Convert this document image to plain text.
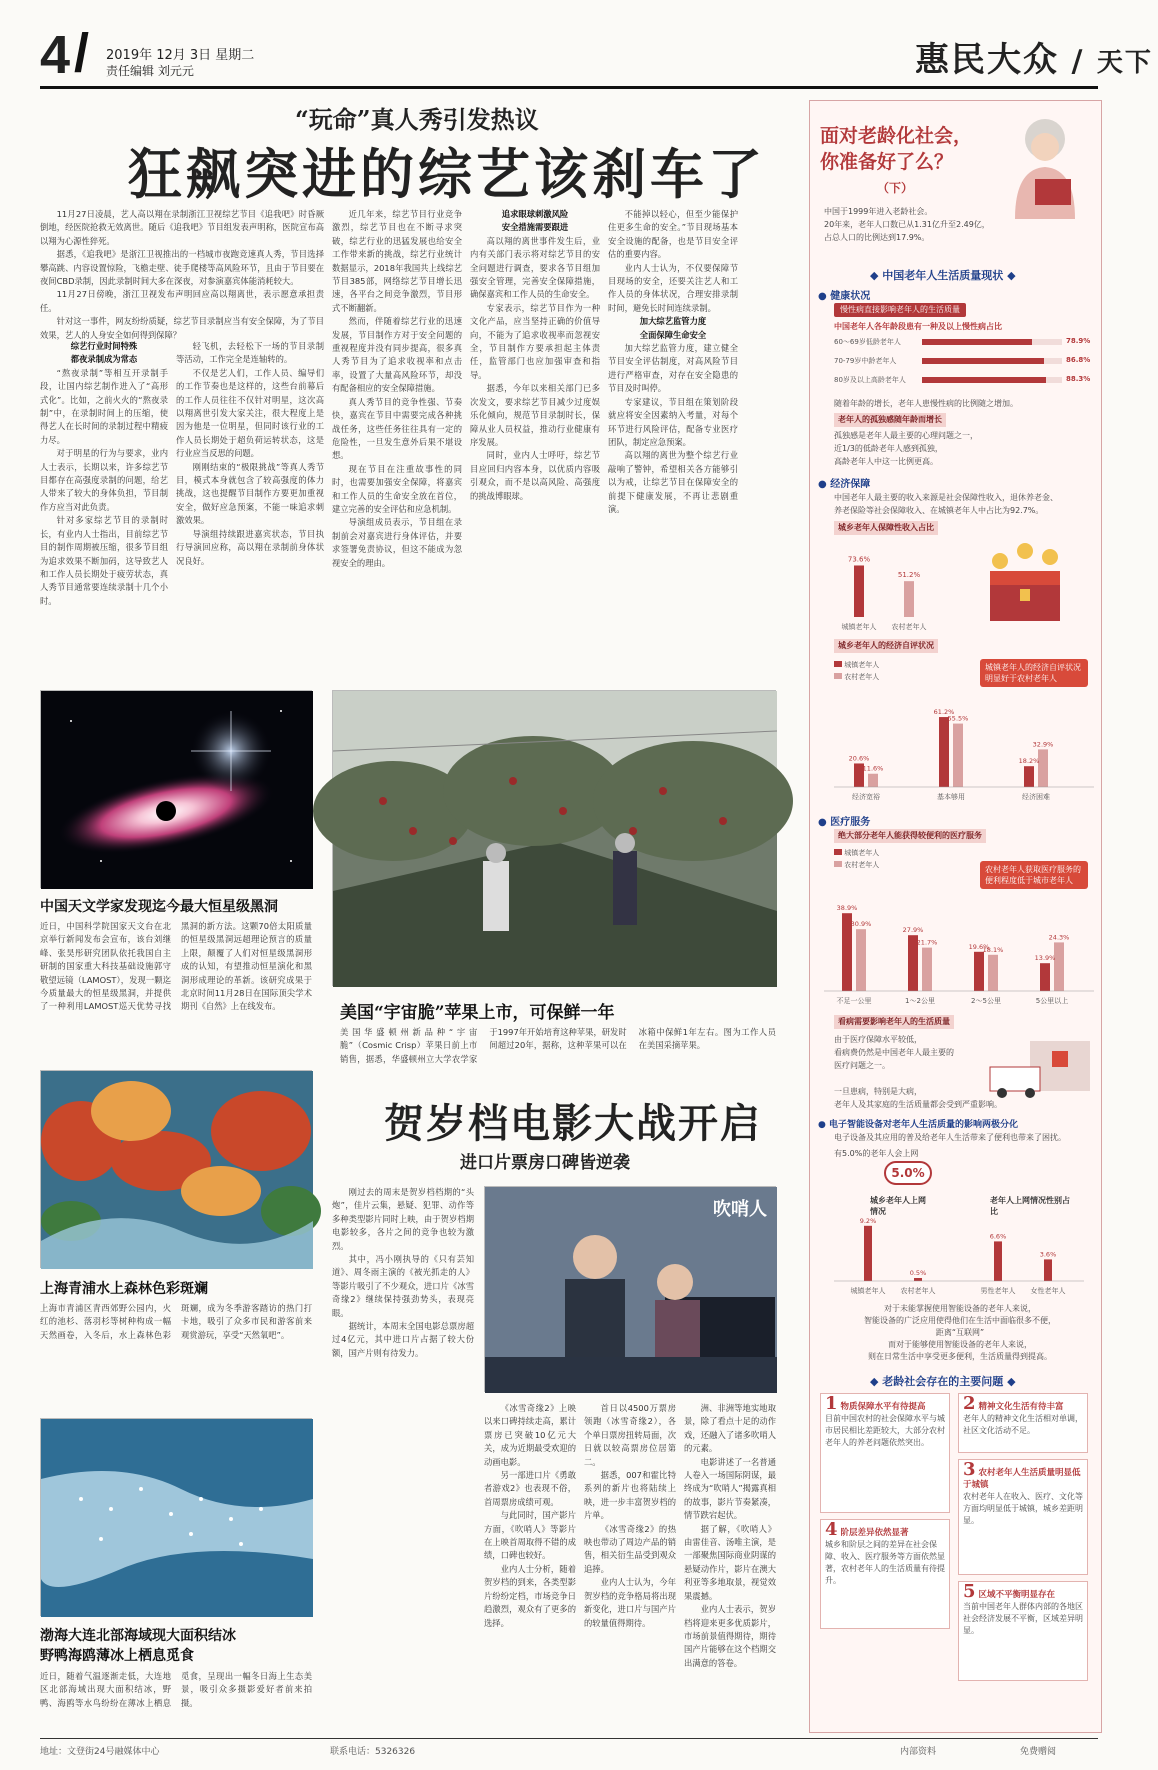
4 / 2019年 12月 3日 星期二
责任编辑 刘元元	惠民大众 / 天下
“玩命”真人秀引发热议
狂飙突进的综艺该刹车了

11月27日凌晨，艺人高以翔在录制浙江卫视综艺节目《追我吧》时昏厥倒地，经医院抢救无效离世。随后《追我吧》节目组发表声明称，医院宣布高以翔为心源性猝死。

据悉，《追我吧》是浙江卫视推出的一档城市夜跑竞速真人秀，节目选择攀高跳、内容设置惊险，飞檐走壁、徒手爬楼等高风险环节，且由于节目要在夜间CBD录制，因此录制时间大多在深夜，对参演嘉宾体能消耗较大。

11月27日傍晚，浙江卫视发布声明回应高以翔离世，表示愿意承担责任。

针对这一事件，网友纷纷质疑，综艺节目录制应当有安全保障，为了节目效果，艺人的人身安全如何得到保障？

综艺行业时间特殊
都夜录制成为常态

“熬夜录制”等相互开录制手段，让国内综艺制作进入了“高形式化”。比如，之前火火的“熬夜录制”中，在录制时间上的压缩，使得艺人在长时间的录制过程中精疲力尽。

对于明星的行为与要求，业内人士表示，长期以来，许多综艺节目都存在高强度录制的问题，给艺人带来了较大的身体负担，节目制作方应当对此负责。

针对多家综艺节目的录制时长，有业内人士指出，目前综艺节目的制作周期被压缩，很多节目组为追求效果不断加码，这导致艺人和工作人员长期处于疲劳状态，真人秀节目通常要连续录制十几个小时。

轻飞机，去轻松下一场的节目录制等活动，工作完全是连轴转的。

不仅是艺人们，工作人员、编导们的工作节奏也是这样的，这些台前幕后的工作人员往往不仅针对明星，这次高以翔离世引发大家关注，很大程度上是因为他是一位明星，但同时该行业的工作人员长期处于超负荷运转状态，这是行业应当反思的问题。

刚刚结束的“极限挑战”等真人秀节目，模式本身就包含了较高强度的体力挑战，这也提醒节目制作方要更加重视安全，做好应急预案，不能一味追求刺激效果。

导演组持续跟进嘉宾状态，节目执行导演回应称，高以翔在录制前身体状况良好。

近几年来，综艺节目行业竞争激烈，综艺节目也在不断寻求突破，综艺行业的迅猛发展也给安全工作带来新的挑战，综艺行业统计数据显示，2018年我国共上线综艺节目385部，网络综艺节目增长迅速，各平台之间竞争激烈，节目形式不断翻新。

然而，伴随着综艺行业的迅速发展，节目制作方对于安全问题的重视程度并没有同步提高，很多真人秀节目为了追求收视率和点击率，设置了大量高风险环节，却没有配备相应的安全保障措施。

真人秀节目的竞争性强、节奏快，嘉宾在节目中需要完成各种挑战任务，这些任务往往具有一定的危险性，一旦发生意外后果不堪设想。

现在节目在注重故事性的同时，也需要加强安全保障，将嘉宾和工作人员的生命安全放在首位，建立完善的安全评估和应急机制。

导演组成员表示，节目组在录制前会对嘉宾进行身体评估，并要求签署免责协议，但这不能成为忽视安全的理由。

追求眼球刺激风险
安全措施需要跟进

高以翔的离世事件发生后，业内有关部门表示将对综艺节目的安全问题进行调查，要求各节目组加强安全管理，完善安全保障措施，确保嘉宾和工作人员的生命安全。

专家表示，综艺节目作为一种文化产品，应当坚持正确的价值导向，不能为了追求收视率而忽视安全，节目制作方要承担起主体责任，监管部门也应加强审查和指导。

据悉，今年以来相关部门已多次发文，要求综艺节目减少过度娱乐化倾向，规范节目录制时长，保障从业人员权益，推动行业健康有序发展。

同时，业内人士呼吁，综艺节目应回归内容本身，以优质内容吸引观众，而不是以高风险、高强度的挑战博眼球。

不能掉以轻心，但至少能保护住更多生命的安全。”节目现场基本安全设施的配备，也是节目安全评估的重要内容。

业内人士认为，不仅要保障节目现场的安全，还要关注艺人和工作人员的身体状况，合理安排录制时间，避免长时间连续录制。

加大综艺监管力度
全面保障生命安全

加大综艺监管力度，建立健全节目安全评估制度，对高风险节目进行严格审查，对存在安全隐患的节目及时叫停。

专家建议，节目组在策划阶段就应将安全因素纳入考量，对每个环节进行风险评估，配备专业医疗团队，制定应急预案。

高以翔的离世为整个综艺行业敲响了警钟，希望相关各方能够引以为戒，让综艺节目在保障安全的前提下健康发展，不再让悲剧重演。

中国天文学家发现迄今最大恒星级黑洞
近日，中国科学院国家天文台在北京举行新闻发布会宣布，该台刘继峰、张昊彤研究团队依托我国自主研制的国家重大科技基础设施郭守敬望远镜（LAMOST），发现一颗迄今质量最大的恒星级黑洞，并提供了一种利用LAMOST巡天优势寻找黑洞的新方法。这颗70倍太阳质量的恒星级黑洞远超理论预言的质量上限，颠覆了人们对恒星级黑洞形成的认知，有望推动恒星演化和黑洞形成理论的革新。该研究成果于北京时间11月28日在国际顶尖学术期刊《自然》上在线发布。	美国“宇宙脆”苹果上市，可保鲜一年
美国华盛顿州新品种“宇宙脆”（Cosmic Crisp）苹果日前上市销售，据悉，华盛顿州立大学农学家于1997年开始培育这种苹果，研发时间超过20年，据称，这种苹果可以在冰箱中保鲜1年左右。图为工作人员在美国采摘苹果。
上海青浦水上森林色彩斑斓
上海市青浦区青西郊野公园内，火红的池杉、落羽杉等树种构成一幅天然画卷，入冬后，水上森林色彩斑斓，成为冬季游客踏访的热门打卡地，吸引了众多市民和游客前来观赏游玩，享受“天然氧吧”。
渤海大连北部海域现大面积结冰
野鸭海鸥薄冰上栖息觅食
近日，随着气温逐渐走低，大连地区北部海域出现大面积结冰，野鸭、海鸥等水鸟纷纷在薄冰上栖息觅食，呈现出一幅冬日海上生态美景，吸引众多摄影爱好者前来拍摄。
贺岁档电影大战开启
进口片票房口碑皆逆袭

刚过去的周末是贺岁档档期的“头炮”，佳片云集，悬疑、犯罪、动作等多种类型影片同时上映，由于贺岁档期电影较多，各片之间的竞争也较为激烈。

其中，冯小刚执导的《只有芸知道》、周冬雨主演的《被光抓走的人》等影片吸引了不少观众，进口片《冰雪奇缘2》继续保持强劲势头，表现亮眼。

据统计，本周末全国电影总票房超过4亿元，其中进口片占据了较大份额，国产片则有待发力。

吹哨人

《冰雪奇缘2》上映以来口碑持续走高，累计票房已突破10亿元大关，成为近期最受欢迎的动画电影。

另一部进口片《勇敢者游戏2》也表现不俗，首周票房成绩可观。

与此同时，国产影片方面，《吹哨人》等影片在上映首周取得不错的成绩，口碑也较好。

业内人士分析，随着贺岁档的到来，各类型影片纷纷定档，市场竞争日趋激烈，观众有了更多的选择。

首日以4500万票房领跑（冰雪奇缘2），各个单日票房扭转局面，次日就以较高票房位居第二。

据悉，007和霍比特系列的新片也将陆续上映，进一步丰富贺岁档的片单。

《冰雪奇缘2》的热映也带动了周边产品的销售，相关衍生品受到观众追捧。

业内人士认为，今年贺岁档的竞争格局将出现新变化，进口片与国产片的较量值得期待。

洲、非洲等地实地取景，除了看点十足的动作戏，还融入了诸多吹哨人的元素。

电影讲述了一名普通人卷入一场国际阴谋，最终成为“吹哨人”揭露真相的故事，影片节奏紧凑，情节跌宕起伏。

据了解，《吹哨人》由雷佳音、汤唯主演，是一部聚焦国际商业阴谋的悬疑动作片，影片在澳大利亚等多地取景，视觉效果震撼。

业内人士表示，贺岁档将迎来更多优质影片，市场前景值得期待，期待国产片能够在这个档期交出满意的答卷。

面对老龄化社会，
你准备好了么？
（下）
中国于1999年进入老龄社会。
20年来，老年人口数已从1.31亿升至2.49亿，
占总人口的比例达到17.9%。
◆ 中国老年人生活质量现状 ◆
● 健康状况
慢性病直接影响老年人的生活质量
中国老年人各年龄段患有一种及以上慢性病占比
60～69岁低龄老年人	78.9%
70-79岁中龄老年人	86.8%
80岁及以上高龄老年人	88.3%
随着年龄的增长，老年人患慢性病的比例随之增加。
老年人的孤独感随年龄而增长
孤独感是老年人最主要的心理问题之一，
近1/3的低龄老年人感到孤独，
高龄老年人中这一比例更高。
● 经济保障
中国老年人最主要的收入来源是社会保障性收入，退休养老金、
养老保险等社会保障收入、在城镇老年人中占比为92.7%。
城乡老年人保障性收入占比
73.6%
城镇老年人
51.2%
农村老年人
城乡老年人的经济自评状况
城镇老年人
农村老年人
城镇老年人的经济自评状况明显好于农村老年人
20.6%
11.6%
经济宽裕
61.2%
55.5%
基本够用
18.2%
32.9%
经济困难
● 医疗服务
绝大部分老年人能获得较便利的医疗服务
城镇老年人
农村老年人	农村老年人获取医疗服务的便利程度低于城市老年人
38.9%
30.9%
不足一公里
27.9%
21.7%
1～2公里
19.6%
18.1%
2～5公里
13.9%
24.3%
5公里以上
看病需要影响老年人的生活质量
由于医疗保障水平较低，
看病费仍然是中国老年人最主要的
医疗问题之一。
一旦患病，特别是大病，
老年人及其家庭的生活质量都会受到严重影响。
● 电子智能设备对老年人生活质量的影响两极分化
电子设备及其应用的普及给老年人生活带来了便利也带来了困扰。
有5.0%的老年人会上网
5.0%
城乡老年人上网情况
老年人上网情况性别占比
9.2%
城镇老年人
0.5%
农村老年人
6.6%
男性老年人
3.6%
女性老年人
对于未能掌握使用智能设备的老年人来说，
智能设备的广泛应用使得他们在生活中面临很多不便，
距离“互联网”
而对于能够使用智能设备的老年人来说，
则在日常生活中享受更多便利，生活质量得到提高。
◆ 老龄社会存在的主要问题 ◆
1 物质保障水平有待提高
目前中国农村的社会保障水平与城市居民相比差距较大，大部分农村老年人的养老问题依然突出。
2 精神文化生活有待丰富
老年人的精神文化生活相对单调，社区文化活动不足。
3 农村老年人生活质量明显低于城镇
农村老年人在收入、医疗、文化等方面均明显低于城镇，城乡差距明显。
4 阶层差异依然显著
城乡和阶层之间的差异在社会保障、收入、医疗服务等方面依然显著，农村老年人的生活质量有待提升。
5 区域不平衡明显存在
当前中国老年人群体内部的各地区社会经济发展不平衡，区域差异明显。
地址：文登街24号融媒体中心	联系电话：5326326	内部资料	免费赠阅
